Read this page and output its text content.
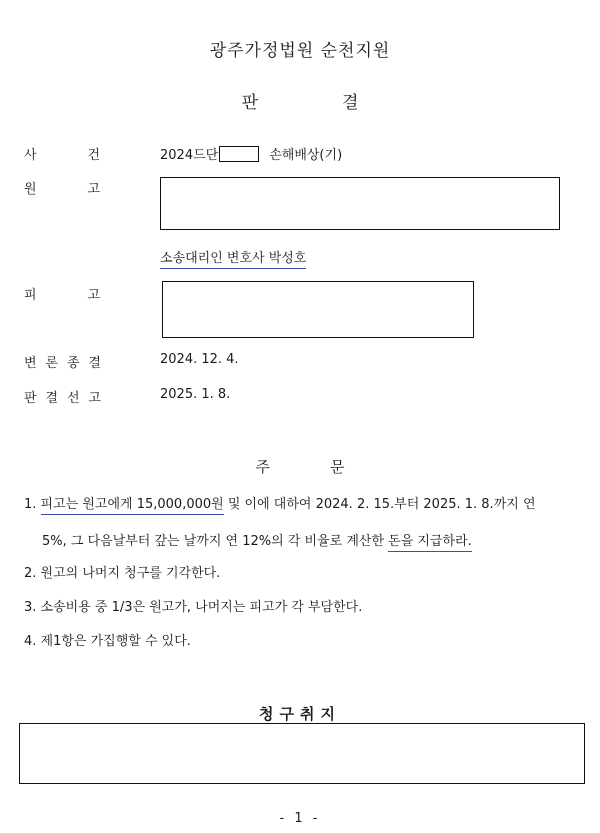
광주가정법원 순천지원
판	결
사	건	2024드단	손해배상(기)
원	고
소송대리인 변호사 박성호
피	고
변 론 종 결	2024. 12. 4.
판 결 선 고	2025. 1. 8.
주	문
1. 피고는 원고에게 15,000,000원 및 이에 대하여 2024. 2. 15.부터 2025. 1. 8.까지 연
5%, 그 다음날부터 갚는 날까지 연 12%의 각 비율로 계산한 돈을 지급하라.
2. 원고의 나머지 청구를 기각한다.
3. 소송비용 중 1/3은 원고가, 나머지는 피고가 각 부담한다.
4. 제1항은 가집행할 수 있다.
청구취지
- 1 -
